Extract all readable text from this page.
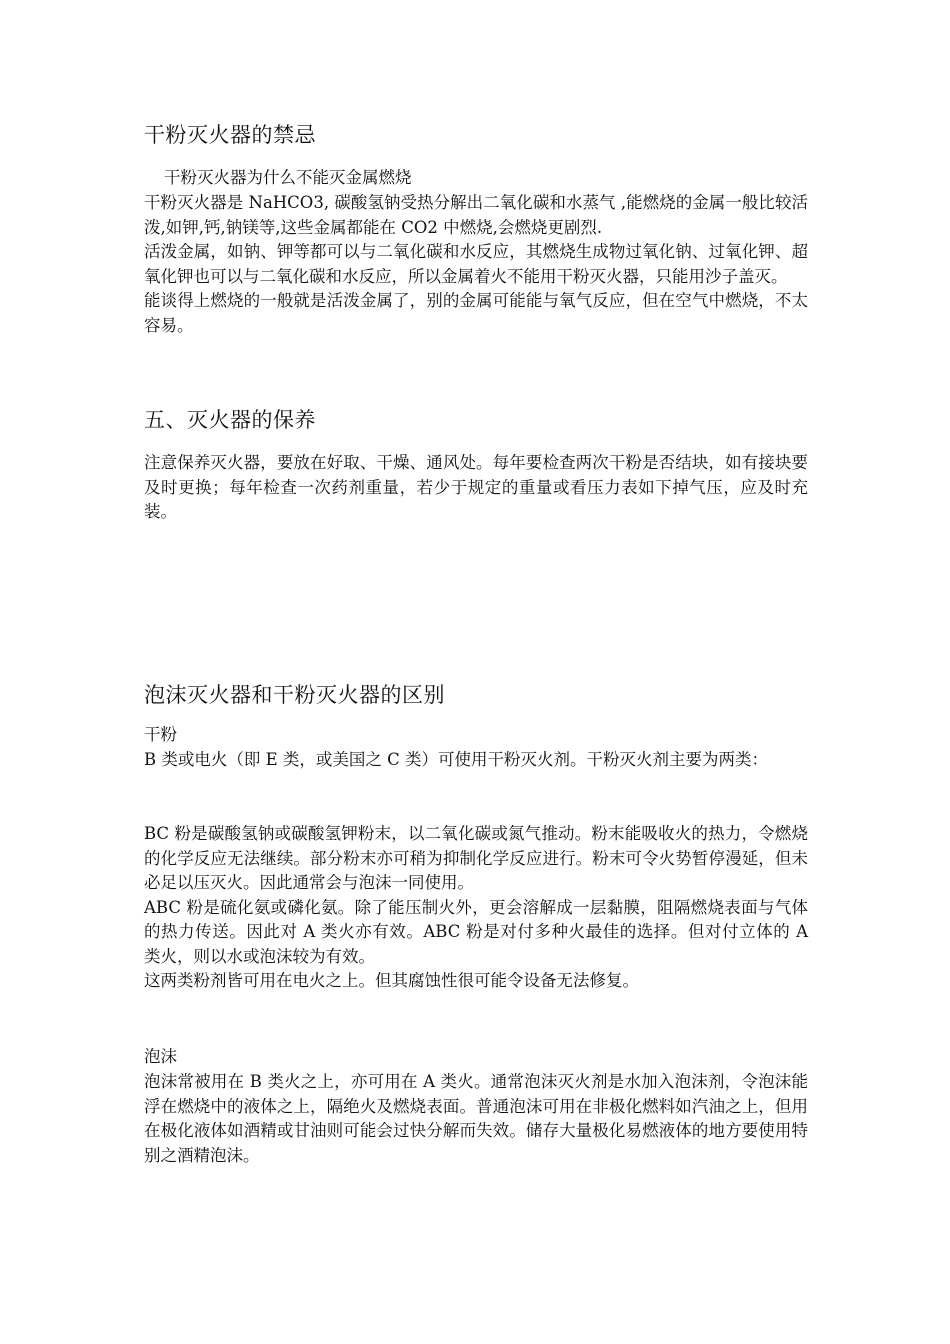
干粉灭火器的禁忌
干粉灭火器为什么不能灭金属燃烧

干粉灭火器是 NaHCO3, 碳酸氢钠受热分解出二氧化碳和水蒸气 ,能燃烧的金属一般比较活泼,如钾,钙,钠镁等,这些金属都能在 CO2 中燃烧,会燃烧更剧烈.

活泼金属，如钠、钾等都可以与二氧化碳和水反应，其燃烧生成物过氧化钠、过氧化钾、超氧化钾也可以与二氧化碳和水反应，所以金属着火不能用干粉灭火器，只能用沙子盖灭。

能谈得上燃烧的一般就是活泼金属了，别的金属可能能与氧气反应，但在空气中燃烧，不太容易。

五、灭火器的保养

注意保养灭火器，要放在好取、干燥、通风处。每年要检查两次干粉是否结块，如有接块要及时更换；每年检查一次药剂重量，若少于规定的重量或看压力表如下掉气压，应及时充装。

泡沫灭火器和干粉灭火器的区别
干粉

B 类或电火（即 E 类，或美国之 C 类）可使用干粉灭火剂。干粉灭火剂主要为两类：

BC 粉是碳酸氢钠或碳酸氢钾粉末，以二氧化碳或氮气推动。粉末能吸收火的热力，令燃烧的化学反应无法继续。部分粉末亦可稍为抑制化学反应进行。粉末可令火势暂停漫延，但未必足以压灭火。因此通常会与泡沫一同使用。

ABC 粉是硫化氨或磷化氨。除了能压制火外，更会溶解成一层黏膜，阻隔燃烧表面与气体的热力传送。因此对 A 类火亦有效。ABC 粉是对付多种火最佳的选择。但对付立体的 A 类火，则以水或泡沫较为有效。

这两类粉剂皆可用在电火之上。但其腐蚀性很可能令设备无法修复。

泡沫

泡沫常被用在 B 类火之上，亦可用在 A 类火。通常泡沫灭火剂是水加入泡沫剂，令泡沫能浮在燃烧中的液体之上，隔绝火及燃烧表面。普通泡沫可用在非极化燃料如汽油之上，但用在极化液体如酒精或甘油则可能会过快分解而失效。储存大量极化易燃液体的地方要使用特别之酒精泡沫。
